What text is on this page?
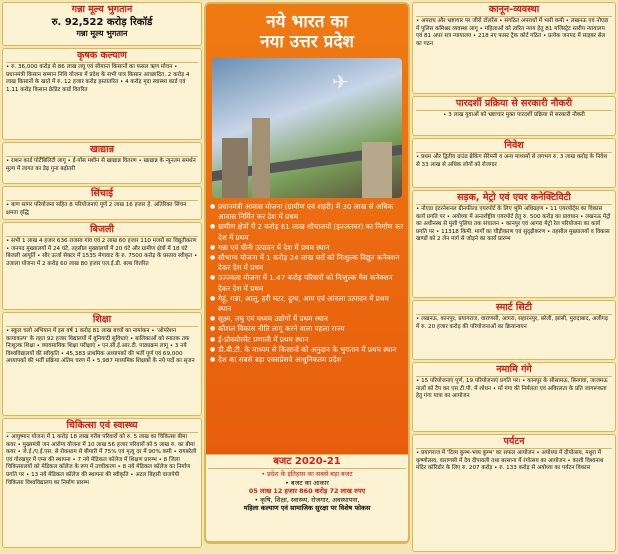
गन्ना मूल्य भुगतान
रु. 92,522 करोड़ रिकॉर्ड
गन्ना मूल्य भुगतान
कृषक कल्याण
• रु. 36,000 करोड़ से 86 लाख लघु एवं सीमान्त किसानों का फसल ऋण मोचन • प्रधानमंत्री किसान सम्मान निधि योजना में प्रदेश के सभी पात्र किसान आच्छादित, 2 करोड़ 4 लाख किसानों के खाते में रु. 12 हजार करोड़ हस्तांतरित • 4 करोड़ मृदा स्वास्थ्य कार्ड एवं 1.11 करोड़ किसान क्रेडिट कार्ड वितरित
खाद्यान्न
• राशन कार्ड पोर्टेबिलिटी लागू • ई-पॉस मशीन से खाद्यान्न वितरण • खाद्यान्न के न्यूनतम समर्थन मूल्य में लागत का डेढ़ गुना बढ़ोतरी
सिंचाई
• बाण सागर परियोजना सहित 8 परियोजनाएं पूर्ण 2 लाख 16 हजार हे. अतिरिक्त सिंचन क्षमता वृद्धि
बिजली
• सभी 1 लाख 4 हजार 636 राजस्व गांव एवं 2 लाख 60 हजार 110 मजरों का विद्युतीकरण • जनपद मुख्यालयों में 24 घंटे, तहसील मुख्यालयों में 20 घंटे और ग्रामीण क्षेत्रों में 18 घंटे बिजली आपूर्ति • सौर ऊर्जा सेक्टर में 1535 मेगावाट के रु. 7500 करोड़ के प्रस्ताव स्वीकृत • उजाला योजना में 2 करोड़ 60 लाख 80 हजार एल.ई.डी. बल्ब वितरित
शिक्षा
• स्कूल चलो अभियान में इस वर्ष 1 करोड़ 81 लाख बच्चों का नामांकन • 'ऑपरेशन कायाकल्प' के तहत 92 हजार विद्यालयों में बुनियादी सुविधाएं • बालिकाओं को स्नातक तक निःशुल्क शिक्षा • व्यावसायिक शिक्षा परीक्षाएं • एन.सी.ई.आर.टी. पाठ्यक्रम लागू • 3 नये विश्वविद्यालयों की स्वीकृति • 45,383 प्राथमिक अध्यापकों की भर्ती पूर्ण एवं 69,000 अध्यापकों की भर्ती प्रक्रिया अंतिम चरण में • 5,987 माध्यमिक शिक्षकों के नये पदों का सृजन
चिकित्सा एवं स्वास्थ्य
• आयुष्मान योजना में 1 करोड़ 18 लाख गरीब परिवारों को रु. 5 लाख का चिकित्सा बीमा कवर • मुख्यमंत्री जन आरोग्य योजना में 10 लाख 56 हजार परिवारों को 5 लाख रु. का बीमा कवर • जे.ई./ए.ई.एस. से रोकथाम से बीमारी में 75% एवं मृत्यु दर में 90% कमी • रायबरेली एवं गोरखपुर में एम्स की स्थापना • 7 नये मेडिकल कॉलेज में शिक्षण प्रारम्भ • 8 जिला चिकित्सालयों को मेडिकल कॉलेज के रूप में उच्चीकरण • 8 नये मेडिकल कॉलेज का निर्माण प्रगति पर • 13 नये मेडिकल कॉलेज की स्थापना की स्वीकृति • अटल बिहारी वाजपेयी चिकित्सा विश्वविद्यालय का निर्माण प्रारम्भ
नये भारत का
नया उत्तर प्रदेश
✈
● प्रधानमंत्री आवास योजना (ग्रामीण एवं शहरी) में 30 लाख से अधिक आवास निर्मित कर देश में प्रथम
● ग्रामीण क्षेत्रों में 2 करोड़ 61 लाख शौचालयों (इज्जतघर) का निर्माण कर देश में प्रथम
● गन्ना एवं चीनी उत्पादन में देश में प्रथम स्थान
● सौभाग्य योजना में 1 करोड़ 24 लाख घरों को निःशुल्क विद्युत कनेक्शन देकर देश में प्रथम
● उज्ज्वला योजना में 1.47 करोड़ परिवारों को निःशुल्क गैस कनेक्शन देकर देश में प्रथम
● गेहूं, गन्ना, आलू, हरी मटर, दुग्ध, आम एवं आंवला उत्पादन में प्रथम स्थान
● सूक्ष्म, लघु एवं मध्यम उद्योगों में प्रथम स्थान
● कौशल विकास नीति लागू करने वाला पहला राज्य
● ई-प्रोक्योरमेंट प्रणाली में प्रथम स्थान
● डी.बी.टी. के माध्यम से किसानों को अनुदान के भुगतान में प्रथम स्थान
● देश का सबसे बड़ा एक्सप्रेसवे आधुनिकतम प्रदेश
बजट 2020-21
• प्रदेश के इतिहास का सबसे बड़ा बजट
• बजट का आकार
05 लाख 12 हजार 860 करोड़ 72 लाख रुपए
• कृषि, शिक्षा, स्वास्थ्य, रोजगार, अवस्थापना,
महिला कल्याण एवं सामाजिक सुरक्षा पर विशेष फोकस
कानून-व्यवस्था
• अपराध और भ्रष्टाचार पर जीरो टॉलरेंस • संगठित अपराधों में भारी कमी • लखनऊ एवं नोएडा में पुलिस कमिश्नर व्यवस्था लागू • महिलाओं को त्वरित न्याय हेतु 81 मजिस्ट्रेट स्तरीय न्यायालय एवं 81 अपर सत्र न्यायालय • 218 नए फास्ट ट्रैक कोर्ट गठित • प्रत्येक जनपद में साइबर सेल का गठन
पारदर्शी प्रक्रिया से सरकारी नौकरी
• 3 लाख युवाओं को भ्रष्टाचार मुक्त पारदर्शी प्रक्रिया से सरकारी नौकरी
निवेश
• प्रथम और द्वितीय ग्राउंड ब्रेकिंग सेरेमनी व अन्य माध्यमों से लगभग रु. 3 लाख करोड़ के निवेश से 33 लाख से अधिक लोगों को रोजगार
सड़क, मेट्रो एवं एयर कनेक्टिविटी
• नोएडा इंटरनेशनल ग्रीनफील्ड एयरपोर्ट के लिए भूमि अधिग्रहण • 11 एयरपोर्ट्स का विकास कार्य प्रगति पर • अयोध्या में अन्तर्राष्ट्रीय एयरपोर्ट हेतु रु. 500 करोड़ का प्रावधान • लखनऊ मेट्रो का अधीनस्थ से मुंशी पुलिया तक संचालन • कानपुर एवं आगरा मेट्रो रेल परियोजना का कार्य प्रगति पर • 11318 किमी. मार्गों का चौड़ीकरण एवं सुदृढ़ीकरण • तहसील मुख्यालयों व विकास खण्डों को 2 लेन मार्ग से जोड़ने का कार्य प्रारम्भ
स्मार्ट सिटी
• लखनऊ, कानपुर, प्रयागराज, वाराणसी, आगरा, सहारनपुर, बरेली, झांसी, मुरादाबाद, अलीगढ़ में रु. 20 हजार करोड़ की परियोजनाओं का क्रियान्वयन
नमामि गंगे
• 15 परियोजनाएं पूर्ण, 19 परियोजनाएं प्रगति पर। • कानपुर के सीसामऊ, बिनगवां, जाजमऊ नालों को टैप कर एस.टी.पी. में शोधन • माँ गंगा की निर्मलता एवं अविरलता के प्रति जागरूकता हेतु गंगा यात्रा का आयोजन
पर्यटन
• प्रयागराज में 'दिव्य कुम्भ-भव्य कुम्भ' का सफल आयोजन • अयोध्या में दीपोत्सव, मथुरा में कृष्णोत्सव, वाराणसी में देव दीपावली तथा बरसाना में रंगोत्सव का आयोजन • काशी विश्वनाथ मंदिर कॉरिडोर के लिए रु. 207 करोड़ • रु. 133 करोड़ से अयोध्या का पर्यटन विकास
